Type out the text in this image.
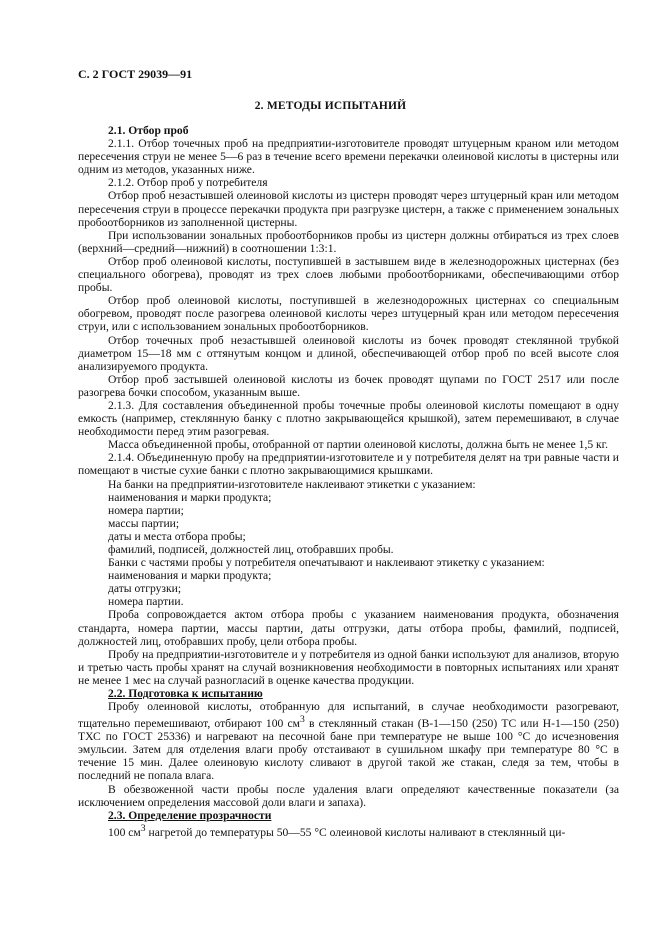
С. 2 ГОСТ 29039—91
2. МЕТОДЫ ИСПЫТАНИЙ

2.1. Отбор проб

2.1.1. Отбор точечных проб на предприятии-изготовителе проводят штуцерным краном или методом пересечения струи не менее 5—6 раз в течение всего времени перекачки олеиновой кислоты в цистерны или одним из методов, указанных ниже.

2.1.2. Отбор проб у потребителя

Отбор проб незастывшей олеиновой кислоты из цистерн проводят через штуцерный кран или методом пересечения струи в процессе перекачки продукта при разгрузке цистерн, а также с применением зональных пробоотборников из заполненной цистерны.

При использовании зональных пробоотборников пробы из цистерн должны отбираться из трех слоев (верхний—средний—нижний) в соотношении 1:3:1.

Отбор проб олеиновой кислоты, поступившей в застывшем виде в железнодорожных цистернах (без специального обогрева), проводят из трех слоев любыми пробоотборниками, обеспечивающими отбор пробы.

Отбор проб олеиновой кислоты, поступившей в железнодорожных цистернах со специальным обогревом, проводят после разогрева олеиновой кислоты через штуцерный кран или методом пересечения струи, или с использованием зональных пробоотборников.

Отбор точечных проб незастывшей олеиновой кислоты из бочек проводят стеклянной трубкой диаметром 15—18 мм с оттянутым концом и длиной, обеспечивающей отбор проб по всей высоте слоя анализируемого продукта.

Отбор проб застывшей олеиновой кислоты из бочек проводят щупами по ГОСТ 2517 или после разогрева бочки способом, указанным выше.

2.1.3. Для составления объединенной пробы точечные пробы олеиновой кислоты помещают в одну емкость (например, стеклянную банку с плотно закрывающейся крышкой), затем перемешивают, в случае необходимости перед этим разогревая.

Масса объединенной пробы, отобранной от партии олеиновой кислоты, должна быть не менее 1,5 кг.

2.1.4. Объединенную пробу на предприятии-изготовителе и у потребителя делят на три равные части и помещают в чистые сухие банки с плотно закрывающимися крышками.

На банки на предприятии-изготовителе наклеивают этикетки с указанием:

наименования и марки продукта;

номера партии;

массы партии;

даты и места отбора пробы;

фамилий, подписей, должностей лиц, отобравших пробы.

Банки с частями пробы у потребителя опечатывают и наклеивают этикетку с указанием:

наименования и марки продукта;

даты отгрузки;

номера партии.

Проба сопровождается актом отбора пробы с указанием наименования продукта, обозначения стандарта, номера партии, массы партии, даты отгрузки, даты отбора пробы, фамилий, подписей, должностей лиц, отобравших пробу, цели отбора пробы.

Пробу на предприятии-изготовителе и у потребителя из одной банки используют для анализов, вторую и третью часть пробы хранят на случай возникновения необходимости в повторных испытаниях или хранят не менее 1 мес на случай разногласий в оценке качества продукции.

2.2. Подготовка к испытанию

Пробу олеиновой кислоты, отобранную для испытаний, в случае необходимости разогревают, тщательно перемешивают, отбирают 100 $см^3$ в стеклянный стакан (В-1—150 (250) ТС или Н-1—150 (250) ТХС по ГОСТ 25336) и нагревают на песочной бане при температуре не выше 100 °С до исчезновения эмульсии. Затем для отделения влаги пробу отстаивают в сушильном шкафу при температуре 80 °С в течение 15 мин. Далее олеиновую кислоту сливают в другой такой же стакан, следя за тем, чтобы в последний не попала влага.

В обезвоженной части пробы после удаления влаги определяют качественные показатели (за исключением определения массовой доли влаги и запаха).

2.3. Определение прозрачности

100 $см^3$ нагретой до температуры 50—55 °С олеиновой кислоты наливают в стеклянный ци-
